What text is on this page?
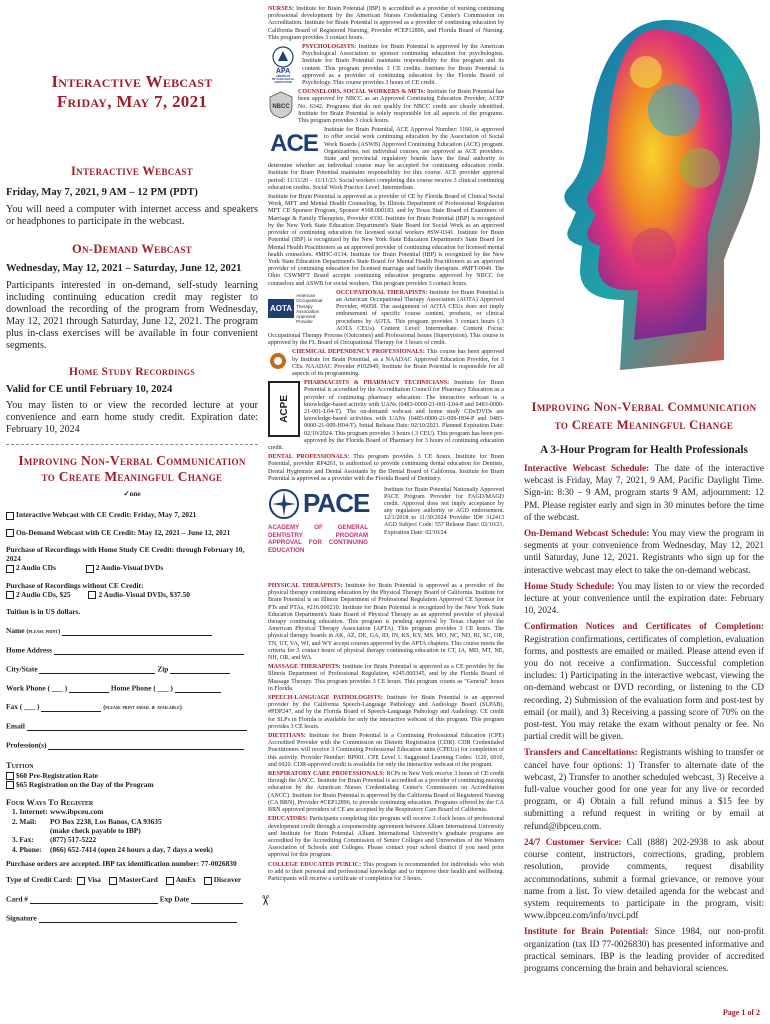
Interactive Webcast
Friday, May 7, 2021
Interactive Webcast
Friday, May 7, 2021, 9 AM – 12 PM (PDT)
You will need a computer with internet access and speakers or headphones to participate in the webcast.
On-Demand Webcast
Wednesday, May 12, 2021 – Saturday, June 12, 2021
Participants interested in on-demand, self-study learning including continuing education credit may register to download the recording of the program from Wednesday, May 12, 2021 through Saturday, June 12, 2021. The program plus in-class exercises will be available in four convenient segments.
Home Study Recordings
Valid for CE until February 10, 2024
You may listen to or view the recorded lecture at your convenience and earn home study credit. Expiration date: February 10, 2024
Improving Non-Verbal Communication
to Create Meaningful Change

✓one

Interactive Webcast with CE Credit: Friday, May 7, 2021

On-Demand Webcast with CE Credit: May 12, 2021 – June 12, 2021

Purchase of Recordings with Home Study CE Credit: through February 10, 2024

2 Audio CDs	2 Audio-Visual DVDs

Purchase of Recordings without CE Credit:

2 Audio CDs, $25	2 Audio-Visual DVDs, $37.50

Tuition is in US dollars.

Name (please print)

Home Address

City/State	Zip

Work Phone ( ___ )	Home Phone ( ___ )

Fax ( ___ )	(please print email if available)

Email

Profession(s)

Tuition

$60 Pre-Registration Rate

$65 Registration on the Day of the Program

Four Ways To Register

1. Internet: www.ibpceu.com

2. Mail: PO Box 2238, Los Banos, CA 93635

(make check payable to IBP)

3. Fax: (877) 517-5222

4. Phone: (866) 652-7414 (open 24 hours a day, 7 days a week)

Purchase orders are accepted. IBP tax identification number: 77-0026830

Type of Credit Card: Visa MasterCard AmEx Discover

Card #	Exp Date

Signature

✂
NURSES: Institute for Brain Potential (IBP) is accredited as a provider of nursing continuing professional development by the American Nurses Credentialing Center's Commission on Accreditation. Institute for Brain Potential is approved as a provider of continuing education by California Board of Registered Nursing, Provider #CEP12896, and Florida Board of Nursing. This program provides 3 contact hours.
APA
AMERICAN PSYCHOLOGICAL ASSOCIATION
PSYCHOLOGISTS: Institute for Brain Potential is approved by the American Psychological Association to sponsor continuing education for psychologists. Institute for Brain Potential maintains responsibility for this program and its content. This program provides 3 CE credits. Institute for Brain Potential is approved as a provider of continuing education by the Florida Board of Psychology. This course provides 3 hours of CE credit.
NBCC
COUNSELORS, SOCIAL WORKERS & MFTs: Institute for Brain Potential has been approved by NBCC as an Approved Continuing Education Provider, ACEP No. 6342. Programs that do not qualify for NBCC credit are clearly identified. Institute for Brain Potential is solely responsible for all aspects of the programs. This program provides 3 clock hours.
ACE	Institute for Brain Potential, ACE Approval Number: 1160, is approved to offer social work continuing education by the Association of Social Work Boards (ASWB) Approved Continuing Education (ACE) program. Organizations, not individual courses, are approved as ACE providers. State and provincial regulatory boards have the final authority to determine whether an individual course may be accepted for continuing education credit. Institute for Brain Potential maintains responsibility for this course. ACE provider approval period: 11/11/20 – 11/11/23. Social workers completing this course receive 3 clinical continuing education credits. Social Work Practice Level: Intermediate.
Institute for Brain Potential is approved as a provider of CE by Florida Board of Clinical Social Work, MFT and Mental Health Counseling, by Illinois Department of Professional Regulation MFT CE Sponsor Program, Sponsor #168.000183, and by Texas State Board of Examiners of Marriage & Family Therapists, Provider #330. Institute for Brain Potential (IBP) is recognized by the New York State Education Department's State Board for Social Work as an approved provider of continuing education for licensed social workers #SW-0341. Institute for Brain Potential (IBP) is recognized by the New York State Education Department's State Board for Mental Health Practitioners as an approved provider of continuing education for licensed mental health counselors. #MHC-0134. Institute for Brain Potential (IBP) is recognized by the New York State Education Department's State Board for Mental Health Practitioners as an approved provider of continuing education for licensed marriage and family therapists. #MFT-0049. The Ohio CSWMFT Board accepts continuing education programs approved by NBCC for counselors and ASWB for social workers. This program provides 3 contact hours.
AOTA
American
Occupational Therapy
Association
Approved Provider
OCCUPATIONAL THERAPISTS: Institute for Brain Potential is an American Occupational Therapy Association (AOTA) Approved Provider, #6058. The assignment of AOTA CEUs does not imply endorsement of specific course content, products, or clinical procedures by AOTA. This program provides 3 contact hours (.3 AOTA CEUs). Content Level: Intermediate. Content Focus: Occupational Therapy Process (Outcomes) and Professional Issues (Supervision). This course is approved by the FL Board of Occupational Therapy for 3 hours of credit.
CHEMICAL DEPENDENCY PROFESSIONALS: This course has been approved by Institute for Brain Potential, as a NAADAC Approved Education Provider, for 3 CEs. NAADAC Provider #102949, Institute for Brain Potential is responsible for all aspects of its programming.
ACPE
PHARMACISTS & PHARMACY TECHNICIANS: Institute for Brain Potential is accredited by the Accreditation Council for Pharmacy Education as a provider of continuing pharmacy education. The interactive webcast is a knowledge-based activity with UANs (0483-0000-21-001-L04-P and 0483-0000-21-001-L04-T). The on-demand webcast and home study CDs/DVDs are knowledge-based activities with UANs (0483-0000-21-009-H04-P and 0483-0000-21-009-H04-T). Initial Release Date: 02/10/2021. Planned Expiration Date: 02/10/2024. This program provides 3 hours (.3 CEU). This program has been pre-approved by the Florida Board of Pharmacy for 3 hours of continuing education credit.
DENTAL PROFESSIONALS: This program provides 3 CE hours. Institute for Brain Potential, provider RP4261, is authorized to provide continuing dental education for Dentists, Dental Hygienists and Dental Assistants by the Dental Board of California. Institute for Brain Potential is approved as a provider with the Florida Board of Dentistry.
PACE
ACADEMY OF GENERAL DENTISTRY PROGRAM APPROVAL FOR CONTINUING EDUCATION
Institute for Brain Potential Nationally Approved PACE Program Provider for FAGD/MAGD credit. Approval does not imply acceptance by any regulatory authority or AGD endorsement. 12/1/2018 to 11/30/2024 Provider ID# 312413 AGD Subject Code: 557 Release Date: 02/10/21. Expiration Date: 02/10/24
PHYSICAL THERAPISTS: Institute for Brain Potential is approved as a provider of the physical therapy continuing education by the Physical Therapy Board of California. Institute for Brain Potential is an Illinois Department of Professional Regulation Approved CE Sponsor for PTs and PTAs, #216.000210. Institute for Brain Potential is recognized by the New York State Education Department's State Board of Physical Therapy as an approved provider of physical therapy continuing education. This program is pending approval by Texas chapter of the American Physical Therapy Association (APTA). This program provides 3 CE hours. The physical therapy boards in AK, AZ, DE, GA, ID, IN, KS, KY, MS, MO, NC, ND, RI, SC, OR, TN, UT, VA, WI, and WY accept courses approved by the APTA chapters. This course meets the criteria for 3 contact hours of physical therapy continuing education in CT, IA, MD, MT, NE, NH, OR, and WA.
MASSAGE THERAPISTS: Institute for Brain Potential is approved as a CE provider by the Illinois Department of Professional Regulation, #245.000345, and by the Florida Board of Massage Therapy. This program provides 3 CE hours. This program counts as "General" hours in Florida.
SPEECH-LANGUAGE PATHOLOGISTS: Institute for Brain Potential is an approved provider by the California Speech-Language Pathology and Audiology Board (SLPAB), #PDP247, and by the Florida Board of Speech-Language Pathology and Audiology. CE credit for SLPs in Florida is available for only the interactive webcast of this program. This program provides 3 CE hours.
DIETITIANS: Institute for Brain Potential is a Continuing Professional Education (CPE) Accredited Provider with the Commission on Dietetic Registration (CDR). CDR Credentialed Practitioners will receive 3 Continuing Professional Education units (CPEUs) for completion of this activity. Provider Number: BP001. CPE Level 1. Suggested Learning Codes: 1120, 6010, and 6020. CDR-approved credit is available for only the interactive webcast of the program.
RESPIRATORY CARE PROFESSIONALS: RCPs in New York receive 3 hours of CE credit through the ANCC. Institute for Brain Potential is accredited as a provider of continuing nursing education by the American Nurses Credentialing Center's Commission on Accreditation (ANCC). Institute for Brain Potential is approved by the California Board of Registered Nursing (CA BRN), Provider #CEP12896, to provide continuing education. Programs offered by the CA BRN approved providers of CE are accepted by the Respiratory Care Board of California.
EDUCATORS: Participants completing this program will receive 3 clock hours of professional development credit through a cosponsorship agreement between Alliant International University and Institute for Brain Potential. Alliant International University's graduate programs are accredited by the Accrediting Commission of Senior Colleges and Universities of the Western Association of Schools and Colleges. Please contact your school district if you need prior approval for this program.
COLLEGE EDUCATED PUBLIC: This program is recommended for individuals who wish to add to their personal and professional knowledge and to improve their health and wellbeing. Participants will receive a certificate of completion for 3 hours.
Improving Non-Verbal Communication
to Create Meaningful Change
A 3-Hour Program for Health Professionals

Interactive Webcast Schedule: The date of the interactive webcast is Friday, May 7, 2021, 9 AM, Pacific Daylight Time. Sign-in: 8:30 – 9 AM, program starts 9 AM, adjournment: 12 PM. Please register early and sign in 30 minutes before the time of the webcast.

On-Demand Webcast Schedule: You may view the program in segments at your convenience from Wednesday, May 12, 2021 until Saturday, June 12, 2021. Registrants who sign up for the interactive webcast may elect to take the on-demand webcast.

Home Study Schedule: You may listen to or view the recorded lecture at your convenience until the expiration date: February 10, 2024.

Confirmation Notices and Certificates of Completion: Registration confirmations, certificates of completion, evaluation forms, and posttests are emailed or mailed. Please attend even if you do not receive a confirmation. Successful completion includes: 1) Participating in the interactive webcast, viewing the on-demand webcast or DVD recording, or listening to the CD recording, 2) Submission of the evaluation form and post-test by email (or mail), and 3) Receiving a passing score of 70% on the post-test. You may retake the exam without penalty or fee. No partial credit will be given.

Transfers and Cancellations: Registrants wishing to transfer or cancel have four options: 1) Transfer to alternate date of the webcast, 2) Transfer to another scheduled webcast, 3) Receive a full-value voucher good for one year for any live or recorded program, or 4) Obtain a full refund minus a $15 fee by submitting a refund request in writing or by email at refund@ibpceu.com.

24/7 Customer Service: Call (888) 202-2938 to ask about course content, instructors, corrections, grading, problem resolution, provide comments, request disability accommodations, submit a formal grievance, or remove your name from a list. To view detailed agenda for the webcast and system requirements to participate in the program, visit: www.ibpceu.com/info/nvci.pdf

Institute for Brain Potential: Since 1984, our non-profit organization (tax ID 77-0026830) has presented informative and practical seminars. IBP is the leading provider of accredited programs concerning the brain and behavioral sciences.

Page 1 of 2
